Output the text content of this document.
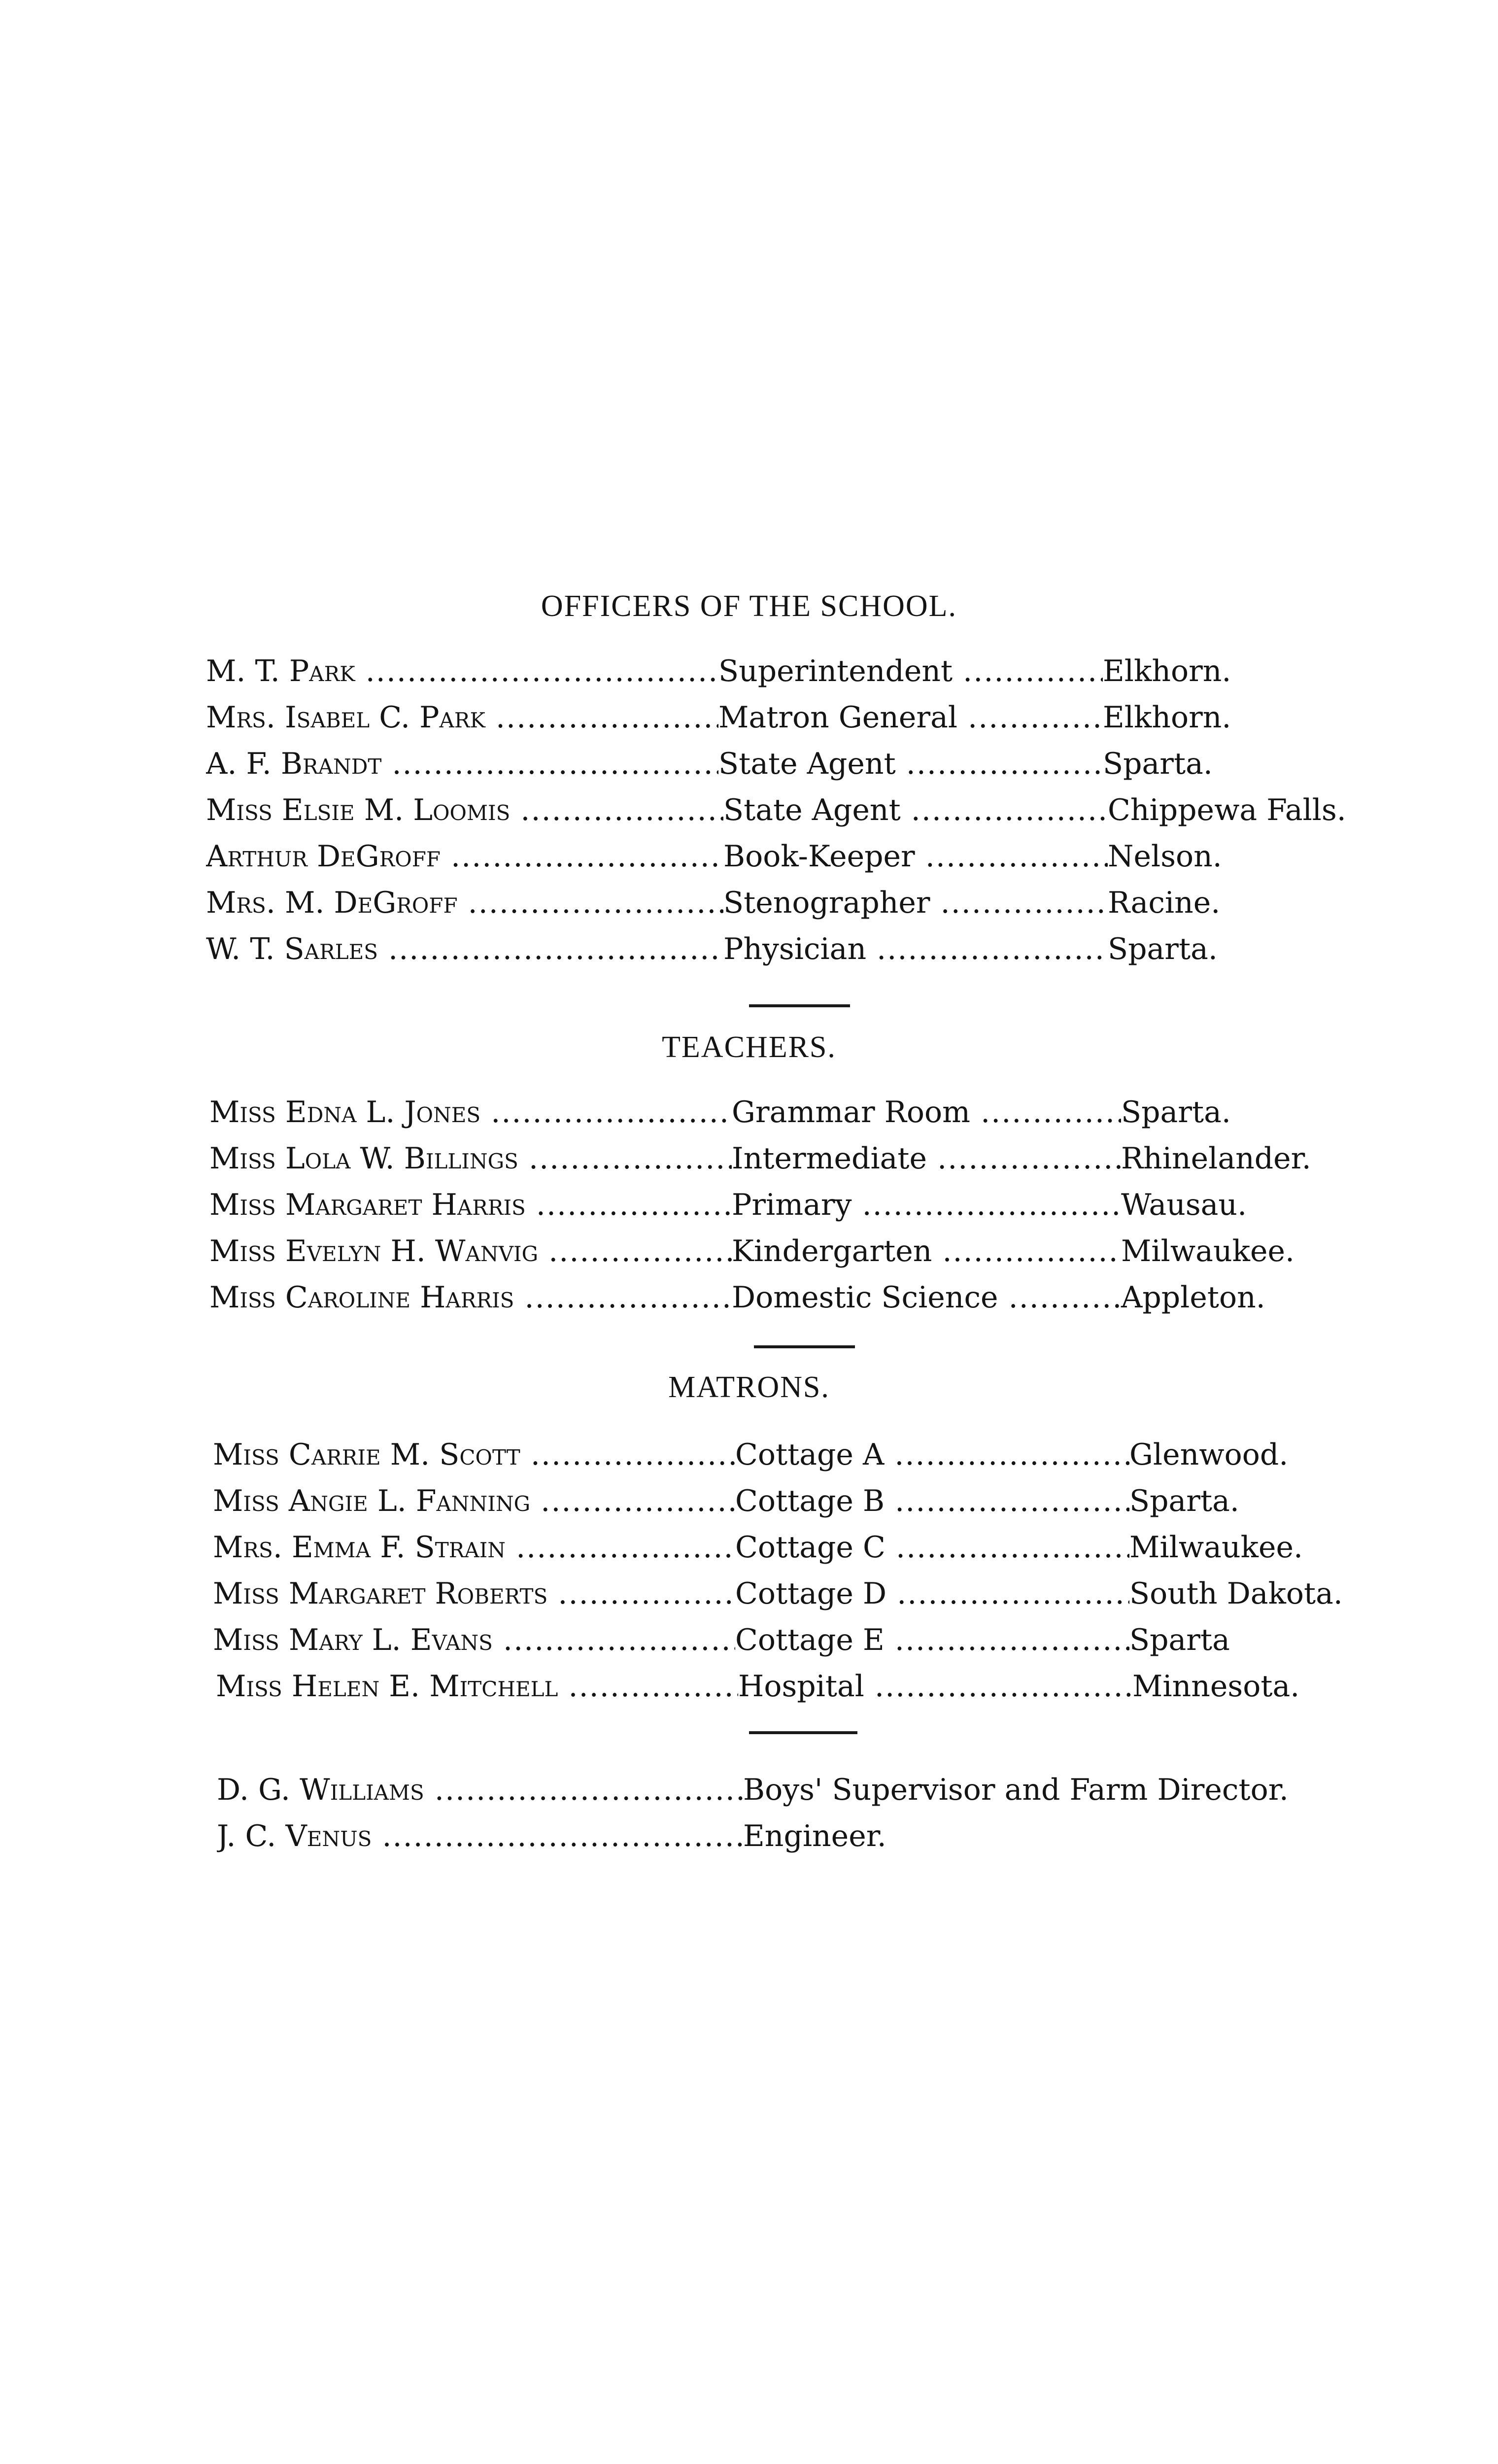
OFFICERS OF THE SCHOOL.
M. T. Park .....	Superintendent .....	Elkhorn.
Mrs. Isabel C. Park .....	Matron General .....	Elkhorn.
A. F. Brandt .....	State Agent .....	Sparta.
Miss Elsie M. Loomis .....	State Agent .....	Chippewa Falls.
Arthur DeGroff .....	Book-Keeper .....	Nelson.
Mrs. M. DeGroff .....	Stenographer .....	Racine.
W. T. Sarles .....	Physician .....	Sparta.
TEACHERS.
Miss Edna L. Jones .....	Grammar Room .....	Sparta.
Miss Lola W. Billings .....	Intermediate .....	Rhinelander.
Miss Margaret Harris .....	Primary .....	Wausau.
Miss Evelyn H. Wanvig .....	Kindergarten .....	Milwaukee.
Miss Caroline Harris .....	Domestic Science .....	Appleton.
MATRONS.
Miss Carrie M. Scott .....	Cottage A .....	Glenwood.
Miss Angie L. Fanning .....	Cottage B .....	Sparta.
Mrs. Emma F. Strain .....	Cottage C .....	Milwaukee.
Miss Margaret Roberts .....	Cottage D .....	South Dakota.
Miss Mary L. Evans .....	Cottage E .....	Sparta
Miss Helen E. Mitchell .....	Hospital .....	Minnesota.
D. G. Williams .....	Boys' Supervisor and Farm Director.
J. C. Venus .....	Engineer.
